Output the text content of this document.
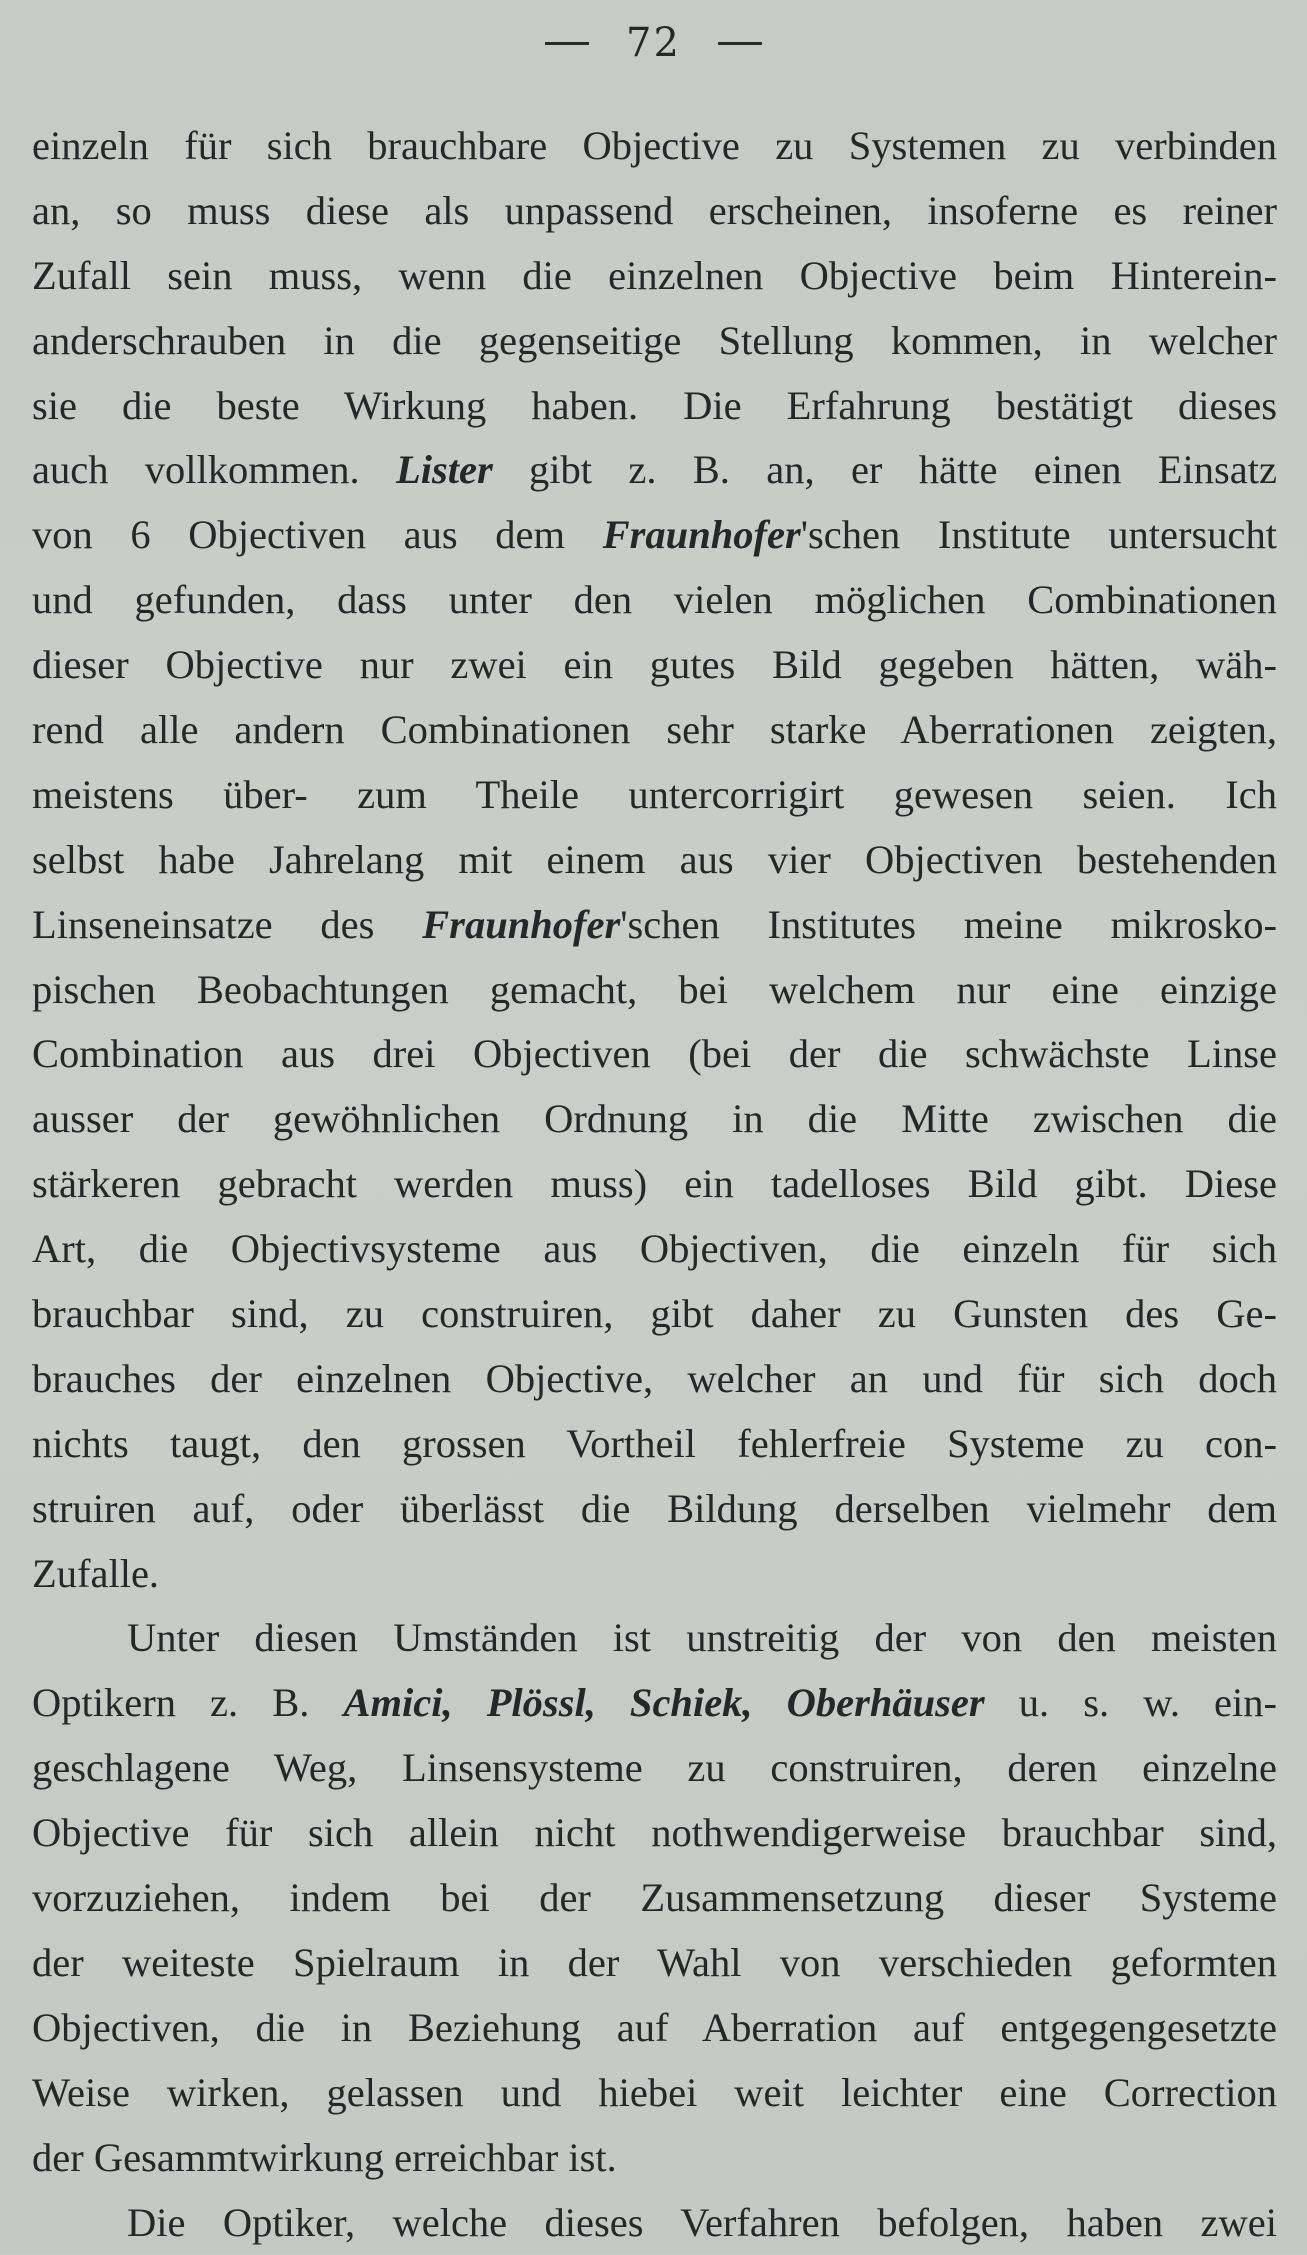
72
einzeln für sich brauchbare Objective zu Systemen zu verbinden
an, so muss diese als unpassend erscheinen, insoferne es reiner
Zufall sein muss, wenn die einzelnen Objective beim Hinterein-
anderschrauben in die gegenseitige Stellung kommen, in welcher
sie die beste Wirkung haben. Die Erfahrung bestätigt dieses
auch vollkommen. Lister gibt z. B. an, er hätte einen Einsatz
von 6 Objectiven aus dem Fraunhofer'schen Institute untersucht
und gefunden, dass unter den vielen möglichen Combinationen
dieser Objective nur zwei ein gutes Bild gegeben hätten, wäh-
rend alle andern Combinationen sehr starke Aberrationen zeigten,
meistens über- zum Theile untercorrigirt gewesen seien. Ich
selbst habe Jahrelang mit einem aus vier Objectiven bestehenden
Linseneinsatze des Fraunhofer'schen Institutes meine mikrosko-
pischen Beobachtungen gemacht, bei welchem nur eine einzige
Combination aus drei Objectiven (bei der die schwächste Linse
ausser der gewöhnlichen Ordnung in die Mitte zwischen die
stärkeren gebracht werden muss) ein tadelloses Bild gibt. Diese
Art, die Objectivsysteme aus Objectiven, die einzeln für sich
brauchbar sind, zu construiren, gibt daher zu Gunsten des Ge-
brauches der einzelnen Objective, welcher an und für sich doch
nichts taugt, den grossen Vortheil fehlerfreie Systeme zu con-
struiren auf, oder überlässt die Bildung derselben vielmehr dem
Zufalle.
Unter diesen Umständen ist unstreitig der von den meisten
Optikern z. B. Amici, Plössl, Schiek, Oberhäuser u. s. w. ein-
geschlagene Weg, Linsensysteme zu construiren, deren einzelne
Objective für sich allein nicht nothwendigerweise brauchbar sind,
vorzuziehen, indem bei der Zusammensetzung dieser Systeme
der weiteste Spielraum in der Wahl von verschieden geformten
Objectiven, die in Beziehung auf Aberration auf entgegengesetzte
Weise wirken, gelassen und hiebei weit leichter eine Correction
der Gesammtwirkung erreichbar ist.
Die Optiker, welche dieses Verfahren befolgen, haben zwei
